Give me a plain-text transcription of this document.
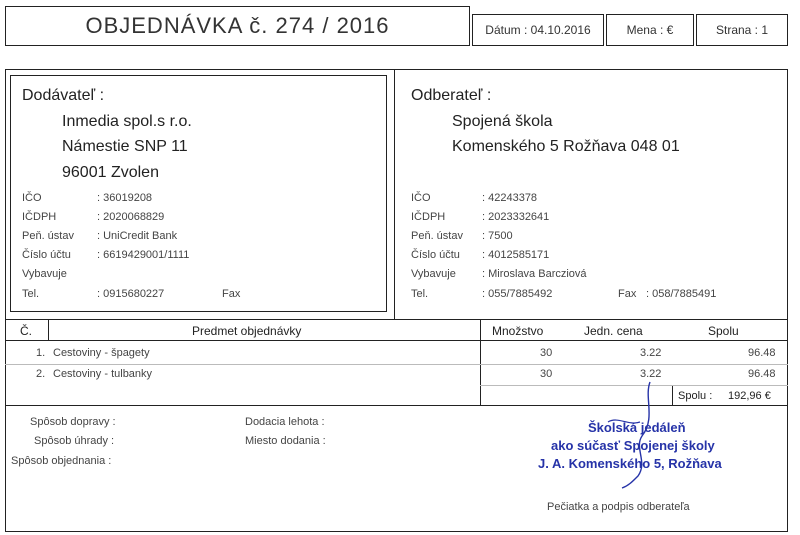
OBJEDNÁVKA č. 274 / 2016	Dátum : 04.10.2016	Mena : €	Strana : 1
Dodávateľ :
Inmedia spol.s r.o.
Námestie SNP 11
96001 Zvolen
IČO	: 36019208
IČDPH	: 2020068829
Peň. ústav : UniCredit Bank
Číslo účtu : 6619429001/1111
Vybavuje
Tel.	: 0915680227	Fax
Odberateľ :
Spojená škola
Komenského 5 Rožňava 048 01
IČO	: 42243378
IČDPH	: 2023332641
Peň. ústav : 7500
Číslo účtu : 4012585171
Vybavuje : Miroslava Barcziová
Tel.	: 055/7885492	Fax : 058/7885491
Č.	Predmet objednávky	Množstvo	Jedn. cena	Spolu
1. Cestoviny - špagety	30	3.22	96.48
2. Cestoviny - tulbanky	30	3.22	96.48
Spolu : 192,96 €
Spôsob dopravy :
Spôsob úhrady :
Spôsob objednania :
Dodacia lehota :
Miesto dodania :
Školská jedáleň
ako súčasť Spojenej školy
J. A. Komenského 5, Rožňava
Pečiatka a podpis odberateľa
